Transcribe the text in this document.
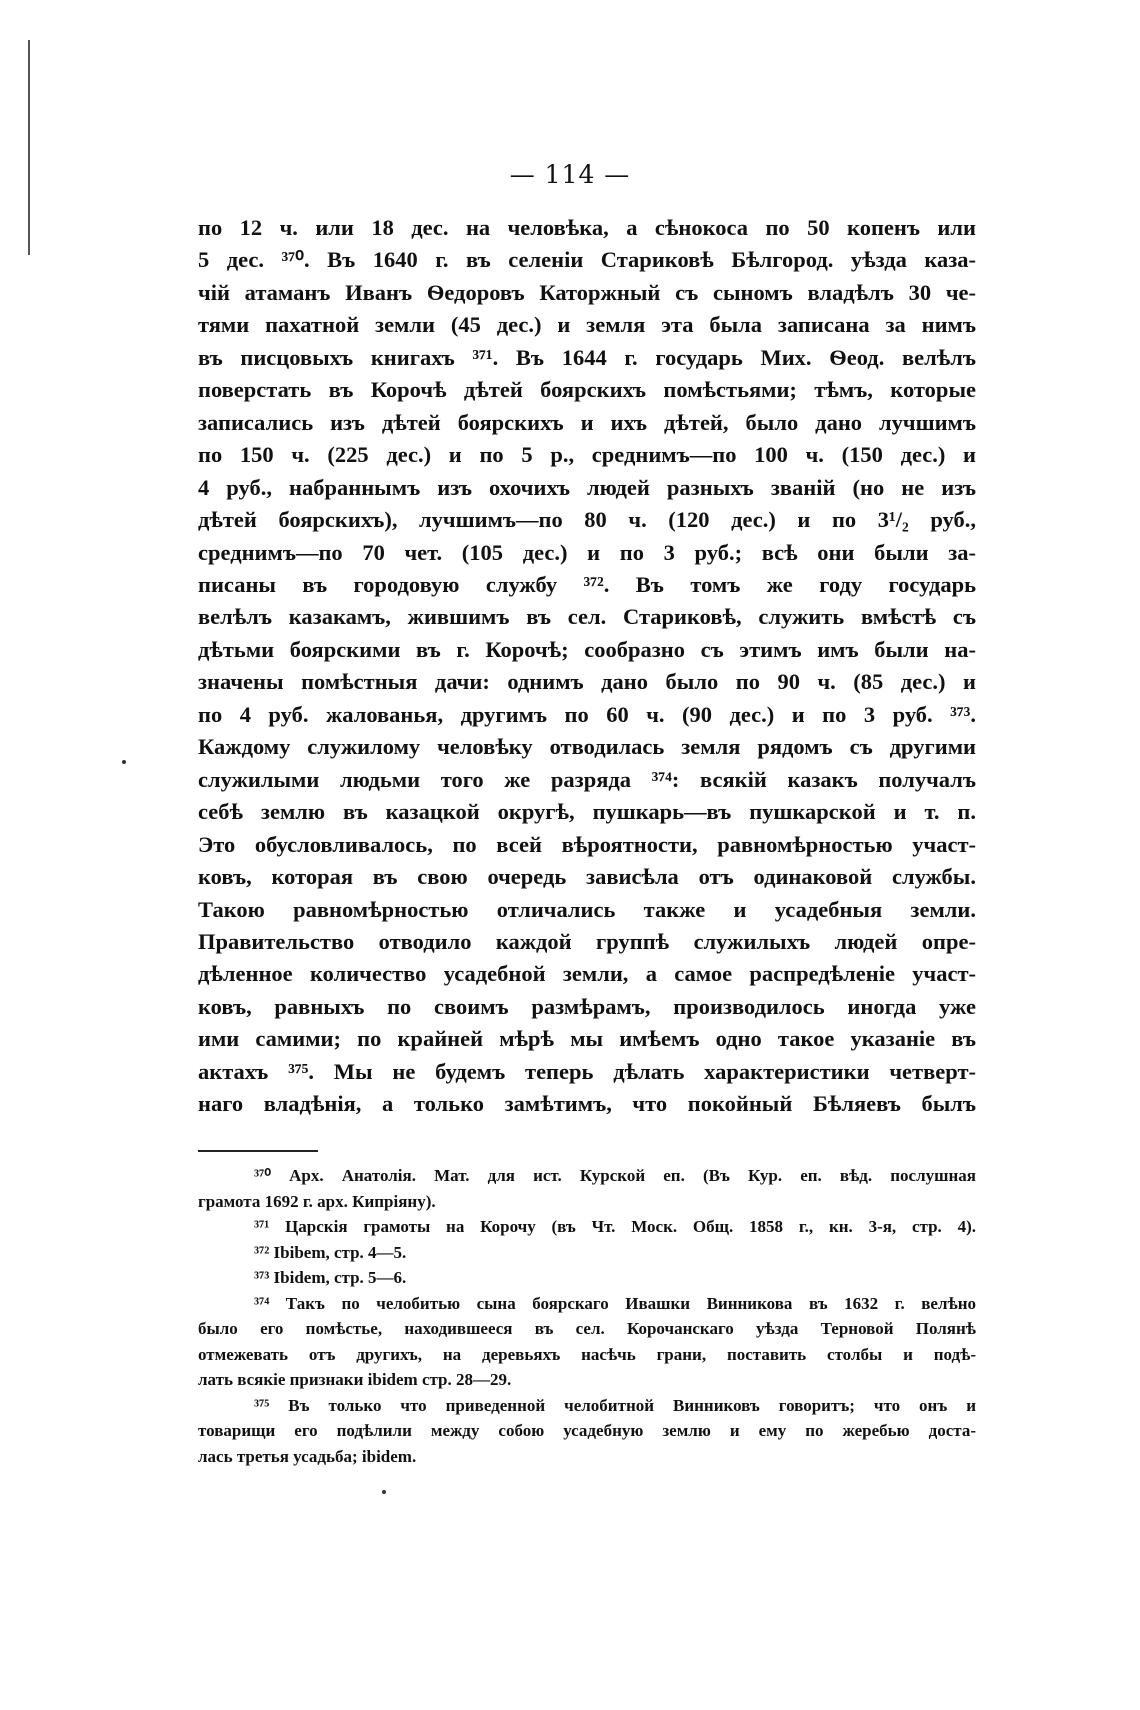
— 114 —
по 12 ч. или 18 дес. на человѣка, а сѣнокоса по 50 копенъ или
5 дес. ³⁷⁰. Въ 1640 г. въ селеніи Стариковѣ Бѣлгород. уѣзда каза-
чій атаманъ Иванъ Ѳедоровъ Каторжный съ сыномъ владѣлъ 30 че-
тями пахатной земли (45 дес.) и земля эта была записана за нимъ
въ писцовыхъ книгахъ ³⁷¹. Въ 1644 г. государь Мих. Ѳеод. велѣлъ
поверстать въ Корочѣ дѣтей боярскихъ помѣстьями; тѣмъ, которые
записались изъ дѣтей боярскихъ и ихъ дѣтей, было дано лучшимъ
по 150 ч. (225 дес.) и по 5 р., среднимъ—по 100 ч. (150 дес.) и
4 руб., набраннымъ изъ охочихъ людей разныхъ званій (но не изъ
дѣтей боярскихъ), лучшимъ—по 80 ч. (120 дес.) и по 3¹/₂ руб.,
среднимъ—по 70 чет. (105 дес.) и по 3 руб.; всѣ они были за-
писаны въ городовую службу ³⁷². Въ томъ же году государь
велѣлъ казакамъ, жившимъ въ сел. Стариковѣ, служить вмѣстѣ съ
дѣтьми боярскими въ г. Корочѣ; сообразно съ этимъ имъ были на-
значены помѣстныя дачи: однимъ дано было по 90 ч. (85 дес.) и
по 4 руб. жалованья, другимъ по 60 ч. (90 дес.) и по 3 руб. ³⁷³.
Каждому служилому человѣку отводилась земля рядомъ съ другими
служилыми людьми того же разряда ³⁷⁴: всякій казакъ получалъ
себѣ землю въ казацкой округѣ, пушкарь—въ пушкарской и т. п.
Это обусловливалось, по всей вѣроятности, равномѣрностью участ-
ковъ, которая въ свою очередь зависѣла отъ одинаковой службы.
Такою равномѣрностью отличались также и усадебныя земли.
Правительство отводило каждой группѣ служилыхъ людей опре-
дѣленное количество усадебной земли, а самое распредѣленіе участ-
ковъ, равныхъ по своимъ размѣрамъ, производилось иногда уже
ими самими; по крайней мѣрѣ мы имѣемъ одно такое указаніе въ
актахъ ³⁷⁵. Мы не будемъ теперь дѣлать характеристики четверт-
наго владѣнія, а только замѣтимъ, что покойный Бѣляевъ былъ
³⁷⁰ Арх. Анатолія. Мат. для ист. Курской еп. (Въ Кур. еп. вѣд. послушная
грамота 1692 г. арх. Кипріяну).
³⁷¹ Царскія грамоты на Корочу (въ Чт. Моск. Общ. 1858 г., кн. 3-я, стр. 4).
³⁷² Ibibem, стр. 4—5.
³⁷³ Ibidem, стр. 5—6.
³⁷⁴ Такъ по челобитью сына боярскаго Ивашки Винникова въ 1632 г. велѣно
было его помѣстье, находившееся въ сел. Корочанскаго уѣзда Терновой Полянѣ
отмежевать отъ другихъ, на деревьяхъ насѣчь грани, поставить столбы и подѣ-
лать всякіе признаки ibidem стр. 28—29.
³⁷⁵ Въ только что приведенной челобитной Винниковъ говоритъ; что онъ и
товарищи его подѣлили между собою усадебную землю и ему по жеребью доста-
лась третья усадьба; ibidem.
